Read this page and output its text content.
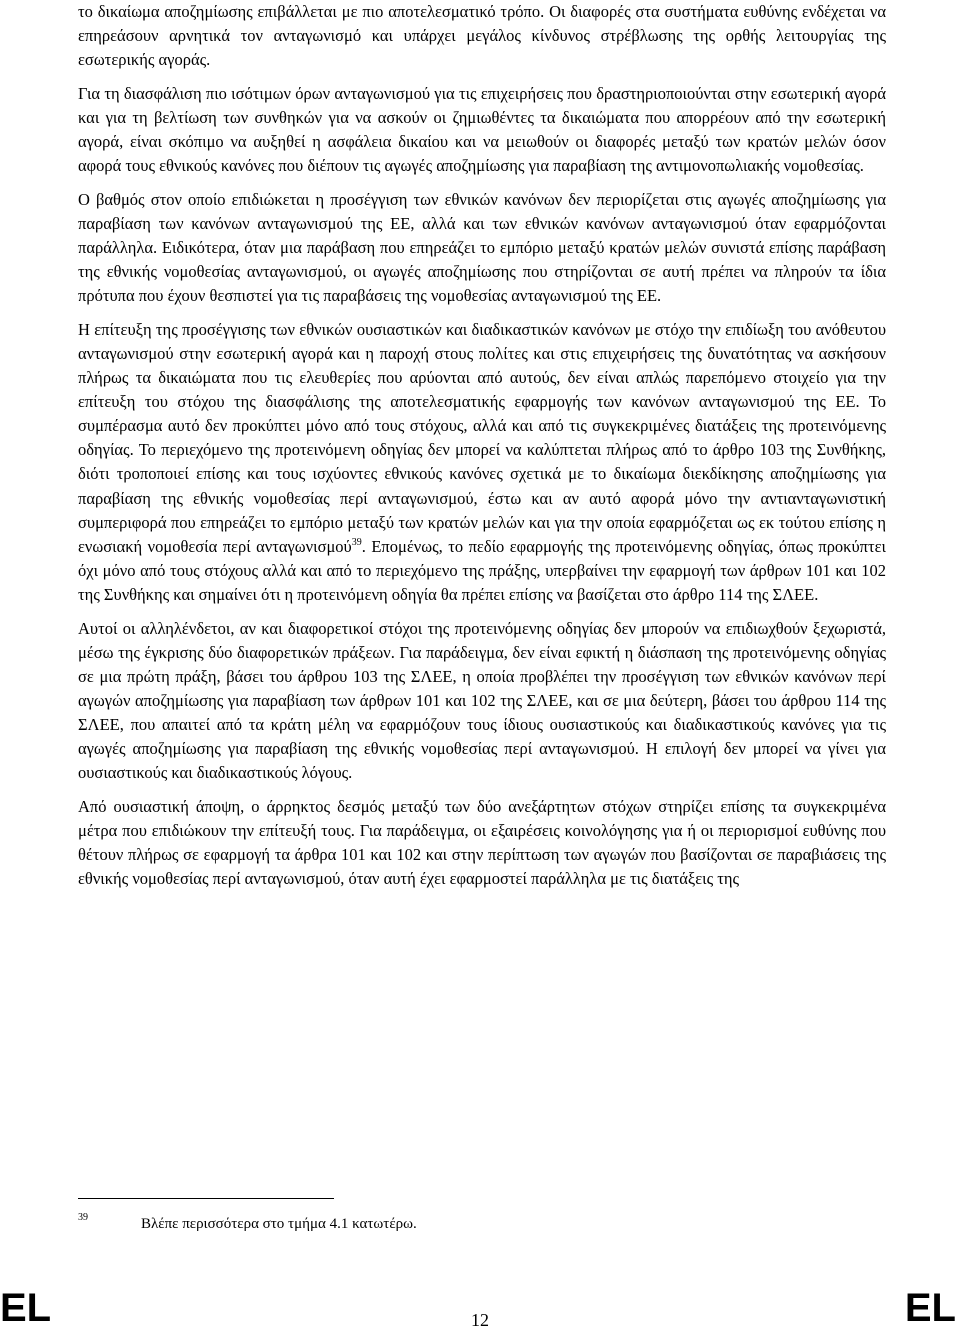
το δικαίωμα αποζημίωσης επιβάλλεται με πιο αποτελεσματικό τρόπο. Οι διαφορές στα συστήματα ευθύνης ενδέχεται να επηρεάσουν αρνητικά τον ανταγωνισμό και υπάρχει μεγάλος κίνδυνος στρέβλωσης της ορθής λειτουργίας της εσωτερικής αγοράς.

Για τη διασφάλιση πιο ισότιμων όρων ανταγωνισμού για τις επιχειρήσεις που δραστηριοποιούνται στην εσωτερική αγορά και για τη βελτίωση των συνθηκών για να ασκούν οι ζημιωθέντες τα δικαιώματα που απορρέουν από την εσωτερική αγορά, είναι σκόπιμο να αυξηθεί η ασφάλεια δικαίου και να μειωθούν οι διαφορές μεταξύ των κρατών μελών όσον αφορά τους εθνικούς κανόνες που διέπουν τις αγωγές αποζημίωσης για παραβίαση της αντιμονοπωλιακής νομοθεσίας.

Ο βαθμός στον οποίο επιδιώκεται η προσέγγιση των εθνικών κανόνων δεν περιορίζεται στις αγωγές αποζημίωσης για παραβίαση των κανόνων ανταγωνισμού της ΕΕ, αλλά και των εθνικών κανόνων ανταγωνισμού όταν εφαρμόζονται παράλληλα. Ειδικότερα, όταν μια παράβαση που επηρεάζει το εμπόριο μεταξύ κρατών μελών συνιστά επίσης παράβαση της εθνικής νομοθεσίας ανταγωνισμού, οι αγωγές αποζημίωσης που στηρίζονται σε αυτή πρέπει να πληρούν τα ίδια πρότυπα που έχουν θεσπιστεί για τις παραβάσεις της νομοθεσίας ανταγωνισμού της ΕΕ.

Η επίτευξη της προσέγγισης των εθνικών ουσιαστικών και διαδικαστικών κανόνων με στόχο την επιδίωξη του ανόθευτου ανταγωνισμού στην εσωτερική αγορά και η παροχή στους πολίτες και στις επιχειρήσεις της δυνατότητας να ασκήσουν πλήρως τα δικαιώματα που τις ελευθερίες που αρύονται από αυτούς, δεν είναι απλώς παρεπόμενο στοιχείο για την επίτευξη του στόχου της διασφάλισης της αποτελεσματικής εφαρμογής των κανόνων ανταγωνισμού της ΕΕ. Το συμπέρασμα αυτό δεν προκύπτει μόνο από τους στόχους, αλλά και από τις συγκεκριμένες διατάξεις της προτεινόμενης οδηγίας. Το περιεχόμενο της προτεινόμενη οδηγίας δεν μπορεί να καλύπτεται πλήρως από το άρθρο 103 της Συνθήκης, διότι τροποποιεί επίσης και τους ισχύοντες εθνικούς κανόνες σχετικά με το δικαίωμα διεκδίκησης αποζημίωσης για παραβίαση της εθνικής νομοθεσίας περί ανταγωνισμού, έστω και αν αυτό αφορά μόνο την αντιανταγωνιστική συμπεριφορά που επηρεάζει το εμπόριο μεταξύ των κρατών μελών και για την οποία εφαρμόζεται ως εκ τούτου επίσης η ενωσιακή νομοθεσία περί ανταγωνισμού$^{39}$. Επομένως, το πεδίο εφαρμογής της προτεινόμενης οδηγίας, όπως προκύπτει όχι μόνο από τους στόχους αλλά και από το περιεχόμενο της πράξης, υπερβαίνει την εφαρμογή των άρθρων 101 και 102 της Συνθήκης και σημαίνει ότι η προτεινόμενη οδηγία θα πρέπει επίσης να βασίζεται στο άρθρο 114 της ΣΛΕΕ.

Αυτοί οι αλληλένδετοι, αν και διαφορετικοί στόχοι της προτεινόμενης οδηγίας δεν μπορούν να επιδιωχθούν ξεχωριστά, μέσω της έγκρισης δύο διαφορετικών πράξεων. Για παράδειγμα, δεν είναι εφικτή η διάσπαση της προτεινόμενης οδηγίας σε μια πρώτη πράξη, βάσει του άρθρου 103 της ΣΛΕΕ, η οποία προβλέπει την προσέγγιση των εθνικών κανόνων περί αγωγών αποζημίωσης για παραβίαση των άρθρων 101 και 102 της ΣΛΕΕ, και σε μια δεύτερη, βάσει του άρθρου 114 της ΣΛΕΕ, που απαιτεί από τα κράτη μέλη να εφαρμόζουν τους ίδιους ουσιαστικούς και διαδικαστικούς κανόνες για τις αγωγές αποζημίωσης για παραβίαση της εθνικής νομοθεσίας περί ανταγωνισμού. Η επιλογή δεν μπορεί να γίνει για ουσιαστικούς και διαδικαστικούς λόγους.

Από ουσιαστική άποψη, ο άρρηκτος δεσμός μεταξύ των δύο ανεξάρτητων στόχων στηρίζει επίσης τα συγκεκριμένα μέτρα που επιδιώκουν την επίτευξή τους. Για παράδειγμα, οι εξαιρέσεις κοινολόγησης για ή οι περιορισμοί ευθύνης που θέτουν πλήρως σε εφαρμογή τα άρθρα 101 και 102 και στην περίπτωση των αγωγών που βασίζονται σε παραβιάσεις της εθνικής νομοθεσίας περί ανταγωνισμού, όταν αυτή έχει εφαρμοστεί παράλληλα με τις διατάξεις της

39	Βλέπε περισσότερα στο τμήμα 4.1 κατωτέρω.
EL	12	EL
